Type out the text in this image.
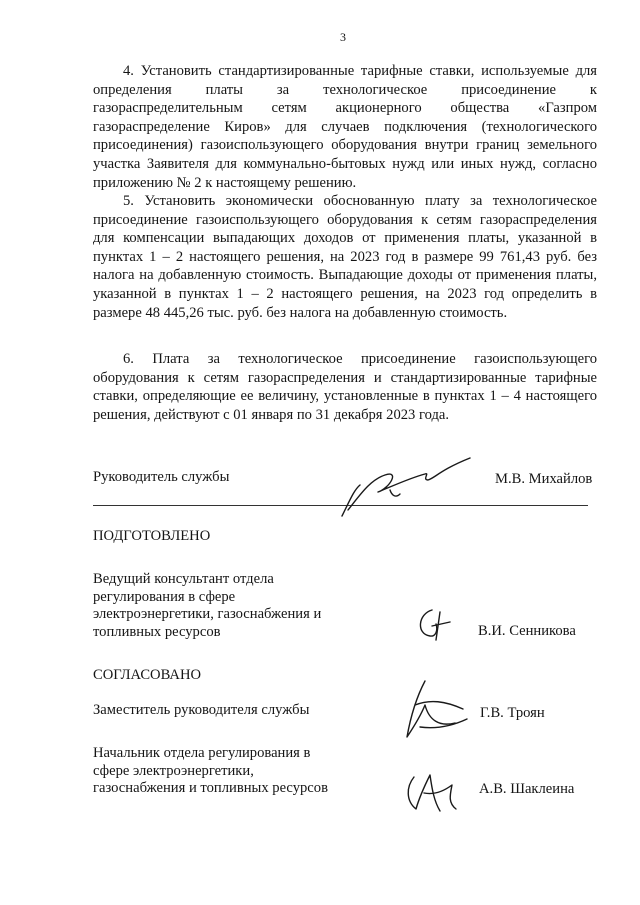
3

4. Установить стандартизированные тарифные ставки, используемые для определения платы за технологическое присоединение к газораспределительным сетям акционерного общества «Газпром газораспределение Киров» для случаев подключения (технологического присоединения) газоиспользующего оборудования внутри границ земельного участка Заявителя для коммунально-бытовых нужд или иных нужд, согласно приложению № 2 к настоящему решению.

5. Установить экономически обоснованную плату за технологическое присоединение газоиспользующего оборудования к сетям газораспределения для компенсации выпадающих доходов от применения платы, указанной в пунктах 1 – 2 настоящего решения, на 2023 год в размере 99 761,43 руб. без налога на добавленную стоимость. Выпадающие доходы от применения платы, указанной в пунктах 1 – 2 настоящего решения, на 2023 год определить в размере 48 445,26 тыс. руб. без налога на добавленную стоимость.

6. Плата за технологическое присоединение газоиспользующего оборудования к сетям газораспределения и стандартизированные тарифные ставки, определяющие ее величину, установленные в пунктах 1 – 4 настоящего решения, действуют с 01 января по 31 декабря 2023 года.

Руководитель службы	М.В. Михайлов
ПОДГОТОВЛЕНО
Ведущий консультант отдела
регулирования в сфере
электроэнергетики, газоснабжения и
топливных ресурсов	В.И. Сенникова
СОГЛАСОВАНО
Заместитель руководителя службы	Г.В. Троян
Начальник отдела регулирования в
сфере электроэнергетики,
газоснабжения и топливных ресурсов	А.В. Шаклеина
